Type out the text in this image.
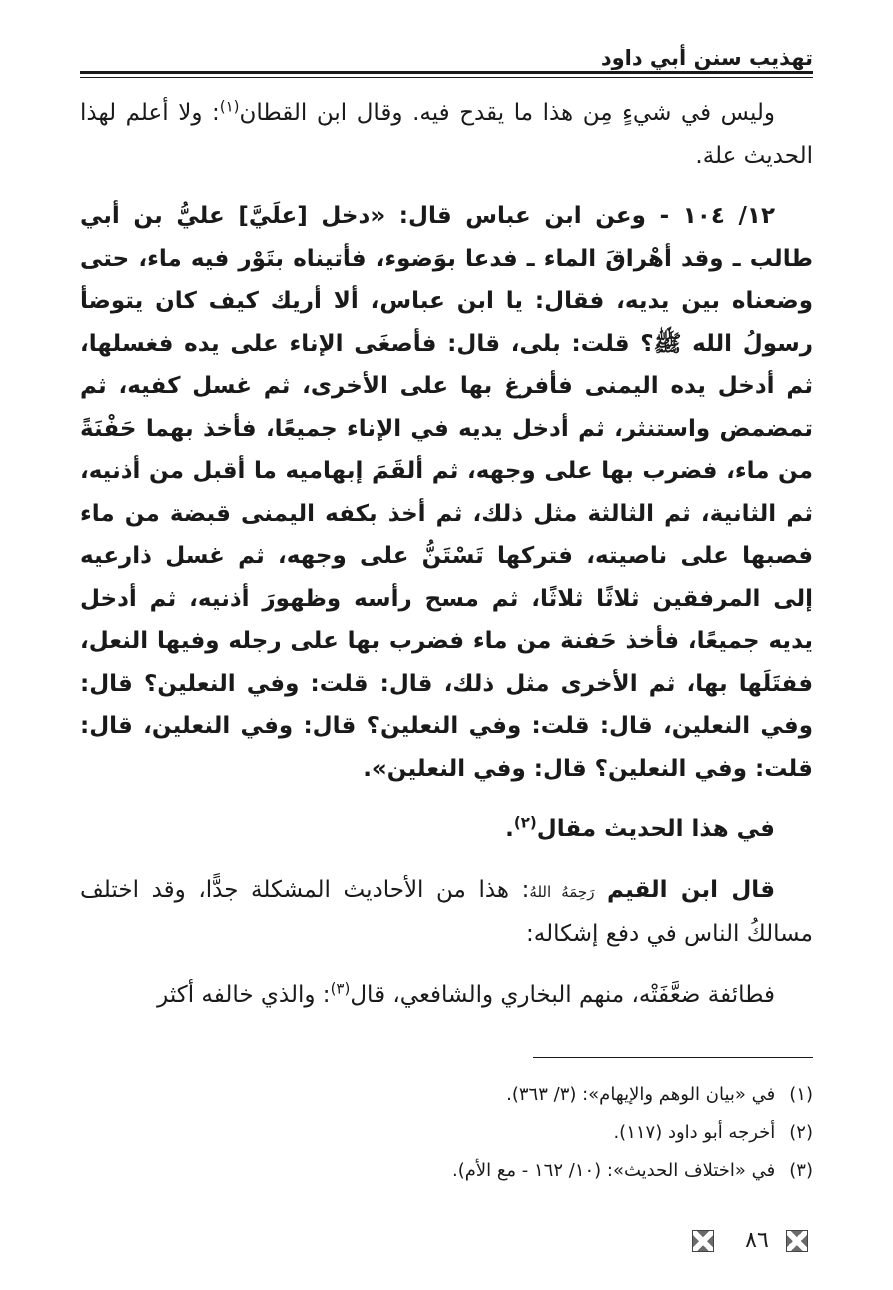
تهذيب سنن أبي داود

وليس في شيءٍ مِن هذا ما يقدح فيه. وقال ابن القطان$^{(١)}$: ولا أعلم لهذا الحديث علة.

١٢/ ١٠٤ - وعن ابن عباس قال: «دخل [علَيَّ] عليُّ بن أبي طالب ـ وقد أهْراقَ الماء ـ فدعا بوَضوء، فأتيناه بتَوْر فيه ماء، حتى وضعناه بين يديه، فقال: يا ابن عباس، ألا أريك كيف كان يتوضأ رسولُ الله ﷺ؟ قلت: بلى، قال: فأصغَى الإناء على يده فغسلها، ثم أدخل يده اليمنى فأفرغ بها على الأخرى، ثم غسل كفيه، ثم تمضمض واستنثر، ثم أدخل يديه في الإناء جميعًا، فأخذ بهما حَفْنَةً من ماء، فضرب بها على وجهه، ثم ألقَمَ إبهاميه ما أقبل من أذنيه، ثم الثانية، ثم الثالثة مثل ذلك، ثم أخذ بكفه اليمنى قبضة من ماء فصبها على ناصيته، فتركها تَسْتَنُّ على وجهه، ثم غسل ذارعيه إلى المرفقين ثلاثًا ثلاثًا، ثم مسح رأسه وظهورَ أذنيه، ثم أدخل يديه جميعًا، فأخذ حَفنة من ماء فضرب بها على رجله وفيها النعل، ففتَلَها بها، ثم الأخرى مثل ذلك، قال: قلت: وفي النعلين؟ قال: وفي النعلين، قال: قلت: وفي النعلين؟ قال: وفي النعلين، قال: قلت: وفي النعلين؟ قال: وفي النعلين».

في هذا الحديث مقال$^{(٢)}$.

قال ابن القيم رَحِمَهُ اللهُ: هذا من الأحاديث المشكلة جدًّا، وقد اختلف مسالكُ الناس في دفع إشكاله:

فطائفة ضعَّفَتْه، منهم البخاري والشافعي، قال$^{(٣)}$: والذي خالفه أكثر

(١)في «بيان الوهم والإيهام»: (٣/ ٣٦٣).
(٢)أخرجه أبو داود (١١٧).
(٣)في «اختلاف الحديث»: (١٠/ ١٦٢ - مع الأم).
٨٦
